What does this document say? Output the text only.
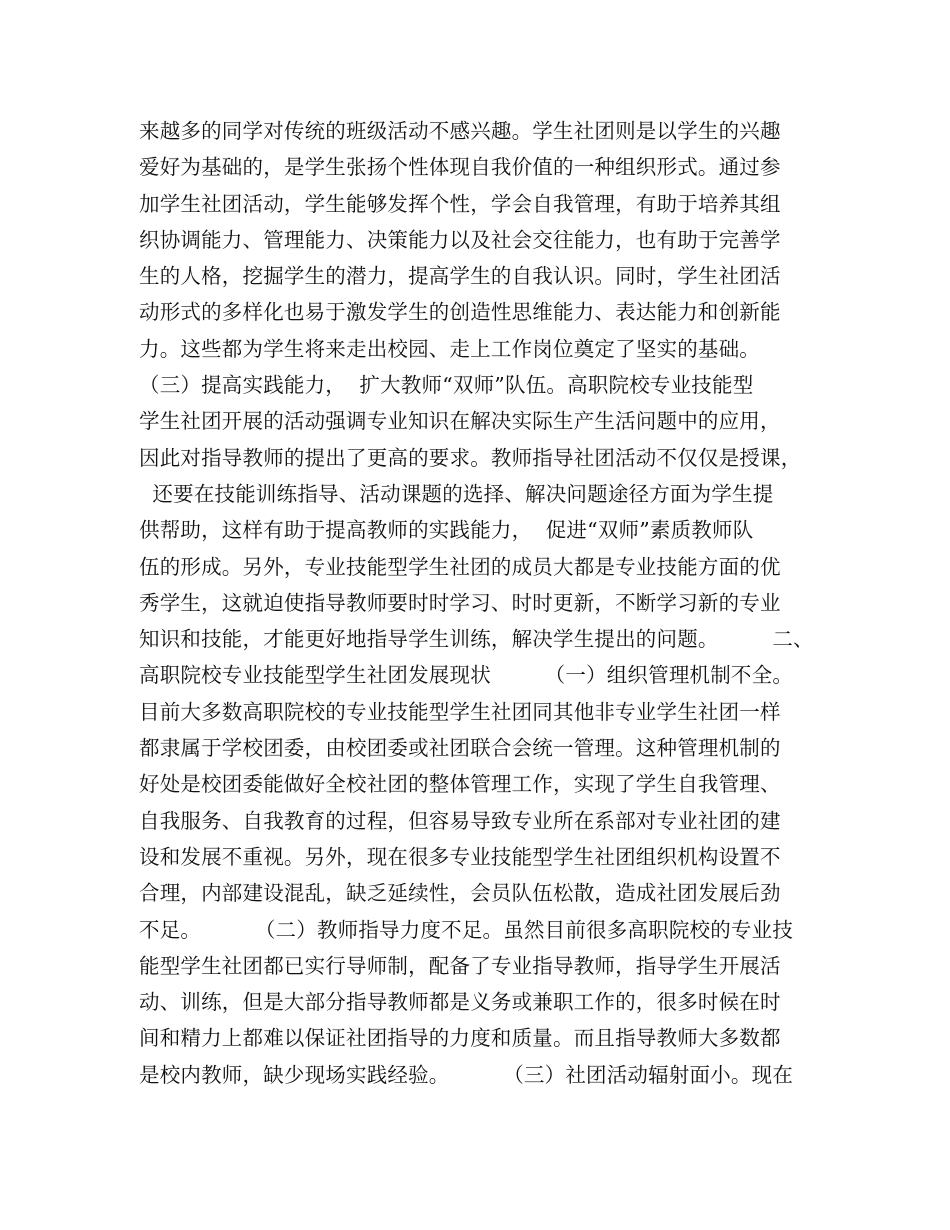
来越多的同学对传统的班级活动不感兴趣。学生社团则是以学生的兴趣
爱好为基础的，是学生张扬个性体现自我价值的一种组织形式。通过参
加学生社团活动，学生能够发挥个性，学会自我管理，有助于培养其组
织协调能力、管理能力、决策能力以及社会交往能力，也有助于完善学
生的人格，挖掘学生的潜力，提高学生的自我认识。同时，学生社团活
动形式的多样化也易于激发学生的创造性思维能力、表达能力和创新能
力。这些都为学生将来走出校园、走上工作岗位奠定了坚实的基础。
（三）提高实践能力，  扩大教师“双师”队伍。高职院校专业技能型
学生社团开展的活动强调专业知识在解决实际生产生活问题中的应用，
因此对指导教师的提出了更高的要求。教师指导社团活动不仅仅是授课，
还要在技能训练指导、活动课题的选择、解决问题途径方面为学生提
供帮助，这样有助于提高教师的实践能力，  促进“双师”素质教师队
伍的形成。另外，专业技能型学生社团的成员大都是专业技能方面的优
秀学生，这就迫使指导教师要时时学习、时时更新，不断学习新的专业
知识和技能，才能更好地指导学生训练，解决学生提出的问题。        二、
高职院校专业技能型学生社团发展现状        （一）组织管理机制不全。
目前大多数高职院校的专业技能型学生社团同其他非专业学生社团一样
都隶属于学校团委，由校团委或社团联合会统一管理。这种管理机制的
好处是校团委能做好全校社团的整体管理工作，实现了学生自我管理、
自我服务、自我教育的过程，但容易导致专业所在系部对专业社团的建
设和发展不重视。另外，现在很多专业技能型学生社团组织机构设置不
合理，内部建设混乱，缺乏延续性，会员队伍松散，造成社团发展后劲
不足。        （二）教师指导力度不足。虽然目前很多高职院校的专业技
能型学生社团都已实行导师制，配备了专业指导教师，指导学生开展活
动、训练，但是大部分指导教师都是义务或兼职工作的，很多时候在时
间和精力上都难以保证社团指导的力度和质量。而且指导教师大多数都
是校内教师，缺少现场实践经验。        （三）社团活动辐射面小。现在
